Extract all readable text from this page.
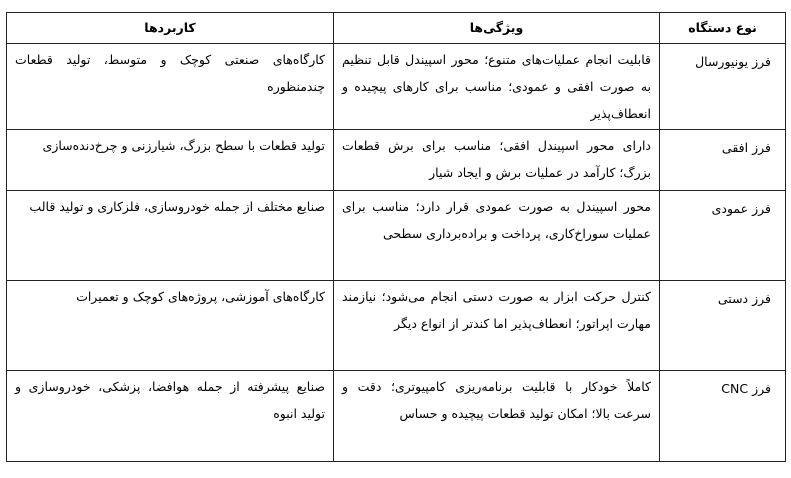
نوع دستگاه	ویژگی‌ها	کاربردها
فرز یونیورسال	قابلیت انجام عملیات‌های متنوع؛ محور اسپیندل قابل تنظیم به صورت افقی و عمودی؛ مناسب برای کارهای پیچیده و انعطاف‌پذیر	کارگاه‌های صنعتی کوچک و متوسط، تولید قطعات چندمنظوره
فرز افقی	دارای محور اسپیندل افقی؛ مناسب برای برش قطعات بزرگ؛ کارآمد در عملیات برش و ایجاد شیار	تولید قطعات با سطح بزرگ، شیارزنی و چرخ‌دنده‌سازی
فرز عمودی	محور اسپیندل به صورت عمودی قرار دارد؛ مناسب برای عملیات سوراخ‌کاری، پرداخت و براده‌برداری سطحی	صنایع مختلف از جمله خودروسازی، فلزکاری و تولید قالب
فرز دستی	کنترل حرکت ابزار به صورت دستی انجام می‌شود؛ نیازمند مهارت اپراتور؛ انعطاف‌پذیر اما کندتر از انواع دیگر	کارگاه‌های آموزشی، پروژه‌های کوچک و تعمیرات
فرز CNC	کاملاً خودکار با قابلیت برنامه‌ریزی کامپیوتری؛ دقت و سرعت بالا؛ امکان تولید قطعات پیچیده و حساس	صنایع پیشرفته از جمله هوافضا، پزشکی، خودروسازی و تولید انبوه
